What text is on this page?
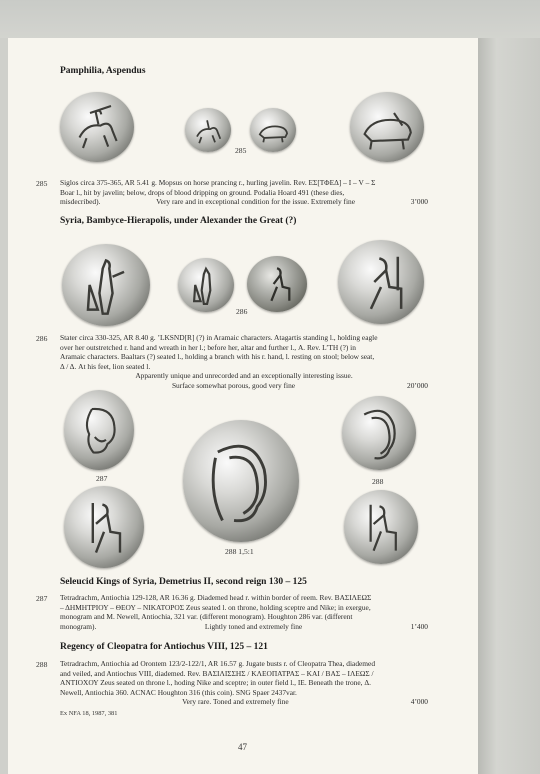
Pamphilia, Aspendus
285
285 Siglos circa 375-365, AR 5.41 g. Mopsus on horse prancing r., hurling javelin. Rev. ΕΣ[ΤΦΕΔ] – Ι – V – Σ

Boar l., hit by javelin; below, drops of blood dripping on ground. Podalia Hoard 491 (these dies,

misdecribed).	Very rare and in exceptional condition for the issue. Extremely fine	3’000
Syria, Bambyce-Hierapolis, under Alexander the Great (?)
286
286 Stater circa 330-325, AR 8.40 g. ’LKSND[R] (?) in Aramaic characters. Atagartis standing l., holding eagle

over her outstretched r. hand and wreath in her l.; before her, altar and further l., Α. Rev. L’TH (?) in

Aramaic characters. Baaltars (?) seated l., holding a branch with his r. hand, l. resting on stool; below seat,

Δ / Δ. At his feet, lion seated l.

Apparently unique and unrecorded and an exceptionally interesting issue.

Surface somewhat porous, good very fine	20’000
287
288 1,5:1
288
Seleucid Kings of Syria, Demetrius II, second reign 130 – 125
287 Tetradrachm, Antiochia 129-128, AR 16.36 g. Diademed head r. within border of reem. Rev. ΒΑΣΙΛΕΩΣ

– ΔΗΜΗΤΡΙΟΥ – ΘΕΟΥ – ΝΙΚΑΤΟΡΟΣ Zeus seated l. on throne, holding sceptre and Nike; in exergue,

monogram and M. Newell, Antiochia, 321 var. (different monogram). Houghton 286 var. (different

monogram).	Lightly toned and extremely fine	1’400
Regency of Cleopatra for Antiochus VIII, 125 – 121
288 Tetradrachm, Antiochia ad Orontem 123/2-122/1, AR 16.57 g. Jugate busts r. of Cleopatra Thea, diademed

and veiled, and Antiochus VIII, diademed. Rev. ΒΑΣΙΛΙΣΣΗΣ / ΚΛΕΟΠΑΤΡΑΣ – ΚΑΙ / ΒΑΣ – ΙΛΕΩΣ /

ΑΝΤΙΟΧΟΥ Zeus seated on throne l., hoding Nike and sceptre; in outer field l., ΙΕ. Beneath the trone, Δ.

Newell, Antiochia 360. ACNAC Houghton 316 (this coin). SNG Spaer 2437var.

Very rare. Toned and extremely fine	4’000
Ex NFA 18, 1987, 381
47
